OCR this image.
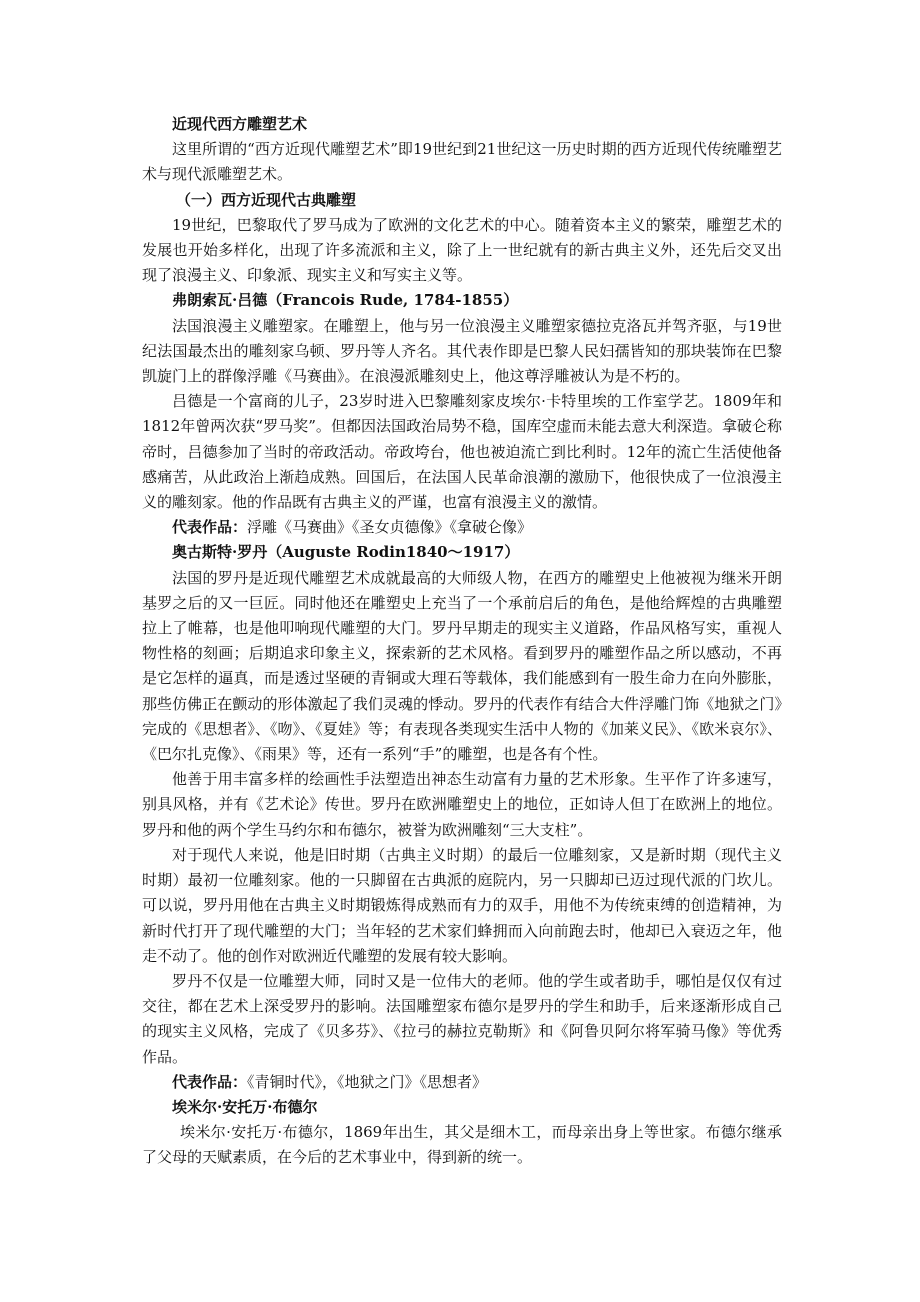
近现代西方雕塑艺术

这里所谓的“西方近现代雕塑艺术”即19世纪到21世纪这一历史时期的西方近现代传统雕塑艺术与现代派雕塑艺术。

（一）西方近现代古典雕塑

19世纪，巴黎取代了罗马成为了欧洲的文化艺术的中心。随着资本主义的繁荣，雕塑艺术的发展也开始多样化，出现了许多流派和主义，除了上一世纪就有的新古典主义外，还先后交叉出现了浪漫主义、印象派、现实主义和写实主义等。

弗朗索瓦·吕德（Francois Rude, 1784-1855）

法国浪漫主义雕塑家。在雕塑上，他与另一位浪漫主义雕塑家德拉克洛瓦并驾齐驱，与19世纪法国最杰出的雕刻家乌顿、罗丹等人齐名。其代表作即是巴黎人民妇孺皆知的那块装饰在巴黎凯旋门上的群像浮雕《马赛曲》。在浪漫派雕刻史上，他这尊浮雕被认为是不朽的。

吕德是一个富商的儿子，23岁时进入巴黎雕刻家皮埃尔·卡特里埃的工作室学艺。1809年和1812年曾两次获“罗马奖”。但都因法国政治局势不稳，国库空虚而未能去意大利深造。拿破仑称帝时，吕德参加了当时的帝政活动。帝政垮台，他也被迫流亡到比利时。12年的流亡生活使他备感痛苦，从此政治上渐趋成熟。回国后，在法国人民革命浪潮的激励下，他很快成了一位浪漫主义的雕刻家。他的作品既有古典主义的严谨，也富有浪漫主义的激情。

代表作品：浮雕《马赛曲》《圣女贞德像》《拿破仑像》

奥古斯特·罗丹（Auguste Rodin1840～1917）

法国的罗丹是近现代雕塑艺术成就最高的大师级人物，在西方的雕塑史上他被视为继米开朗基罗之后的又一巨匠。同时他还在雕塑史上充当了一个承前启后的角色，是他给辉煌的古典雕塑拉上了帷幕，也是他叩响现代雕塑的大门。罗丹早期走的现实主义道路，作品风格写实，重视人物性格的刻画；后期追求印象主义，探索新的艺术风格。看到罗丹的雕塑作品之所以感动，不再是它怎样的逼真，而是透过坚硬的青铜或大理石等载体，我们能感到有一股生命力在向外膨胀，那些仿佛正在颤动的形体激起了我们灵魂的悸动。罗丹的代表作有结合大件浮雕门饰《地狱之门》完成的《思想者》、《吻》、《夏娃》等；有表现各类现实生活中人物的《加莱义民》、《欧米哀尔》、《巴尔扎克像》、《雨果》等，还有一系列“手”的雕塑，也是各有个性。

他善于用丰富多样的绘画性手法塑造出神态生动富有力量的艺术形象。生平作了许多速写，别具风格，并有《艺术论》传世。罗丹在欧洲雕塑史上的地位，正如诗人但丁在欧洲上的地位。罗丹和他的两个学生马约尔和布德尔，被誉为欧洲雕刻“三大支柱”。

对于现代人来说，他是旧时期（古典主义时期）的最后一位雕刻家，又是新时期（现代主义时期）最初一位雕刻家。他的一只脚留在古典派的庭院内，另一只脚却已迈过现代派的门坎儿。可以说，罗丹用他在古典主义时期锻炼得成熟而有力的双手，用他不为传统束缚的创造精神，为新时代打开了现代雕塑的大门；当年轻的艺术家们蜂拥而入向前跑去时，他却已入衰迈之年，他走不动了。他的创作对欧洲近代雕塑的发展有较大影响。

罗丹不仅是一位雕塑大师，同时又是一位伟大的老师。他的学生或者助手，哪怕是仅仅有过交往，都在艺术上深受罗丹的影响。法国雕塑家布德尔是罗丹的学生和助手，后来逐渐形成自己的现实主义风格，完成了《贝多芬》、《拉弓的赫拉克勒斯》和《阿鲁贝阿尔将军骑马像》等优秀作品。

代表作品：《青铜时代》，《地狱之门》《思想者》

埃米尔·安托万·布德尔

埃米尔·安托万·布德尔，1869年出生，其父是细木工，而母亲出身上等世家。布德尔继承了父母的天赋素质，在今后的艺术事业中，得到新的统一。
